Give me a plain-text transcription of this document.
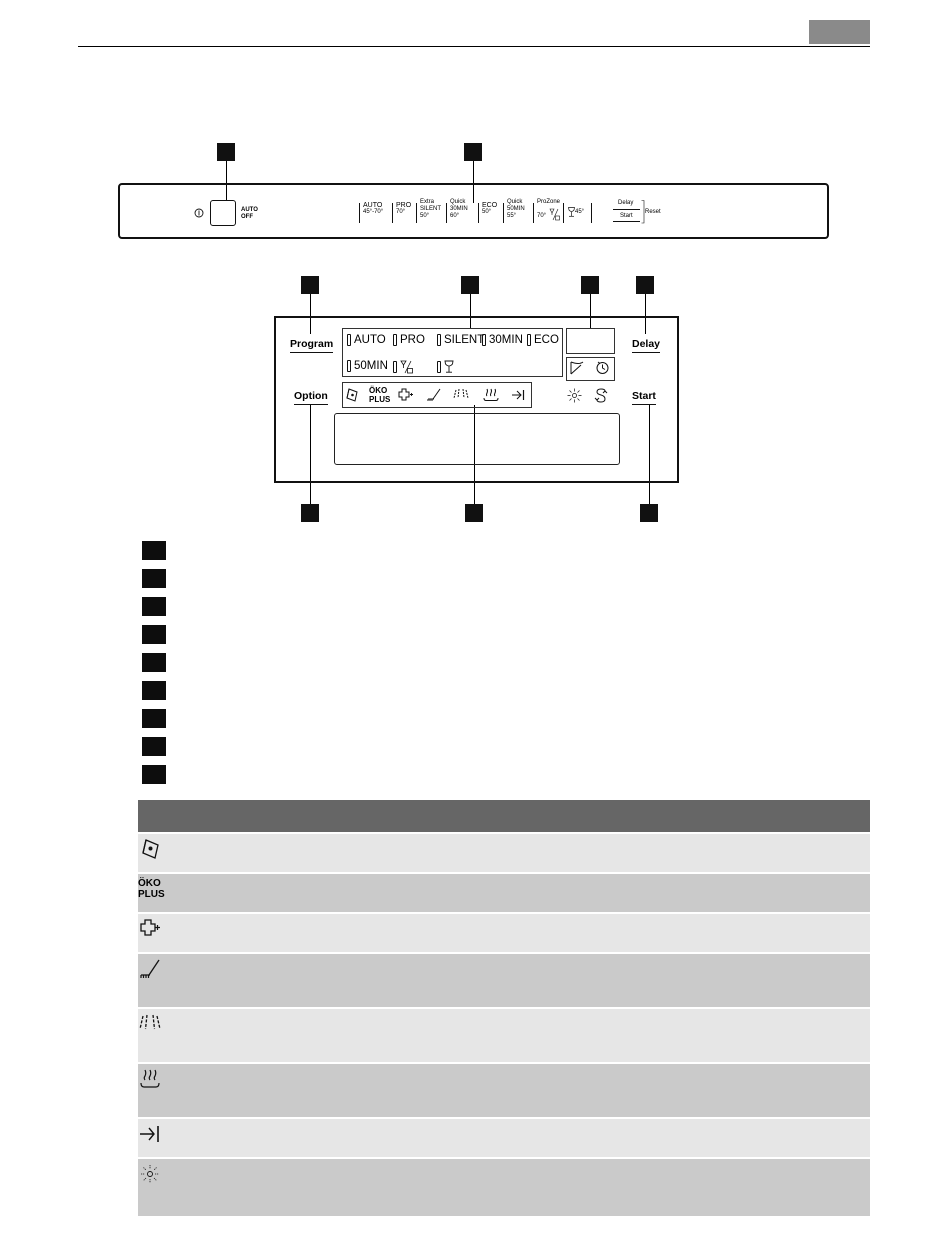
AUTO
OFF
AUTO
45°-70°
PRO
70°
Extra
SILENT
50°
Quick
30MIN
60°
ECO
50°
Quick
50MIN
55°
ProZone
70°
45°
Delay
Start
Reset
Program
Option
Delay
Start
AUTO PRO SILENT 30MIN ECO
50MIN
ÖKO
PLUS

ÖKO
PLUS	
